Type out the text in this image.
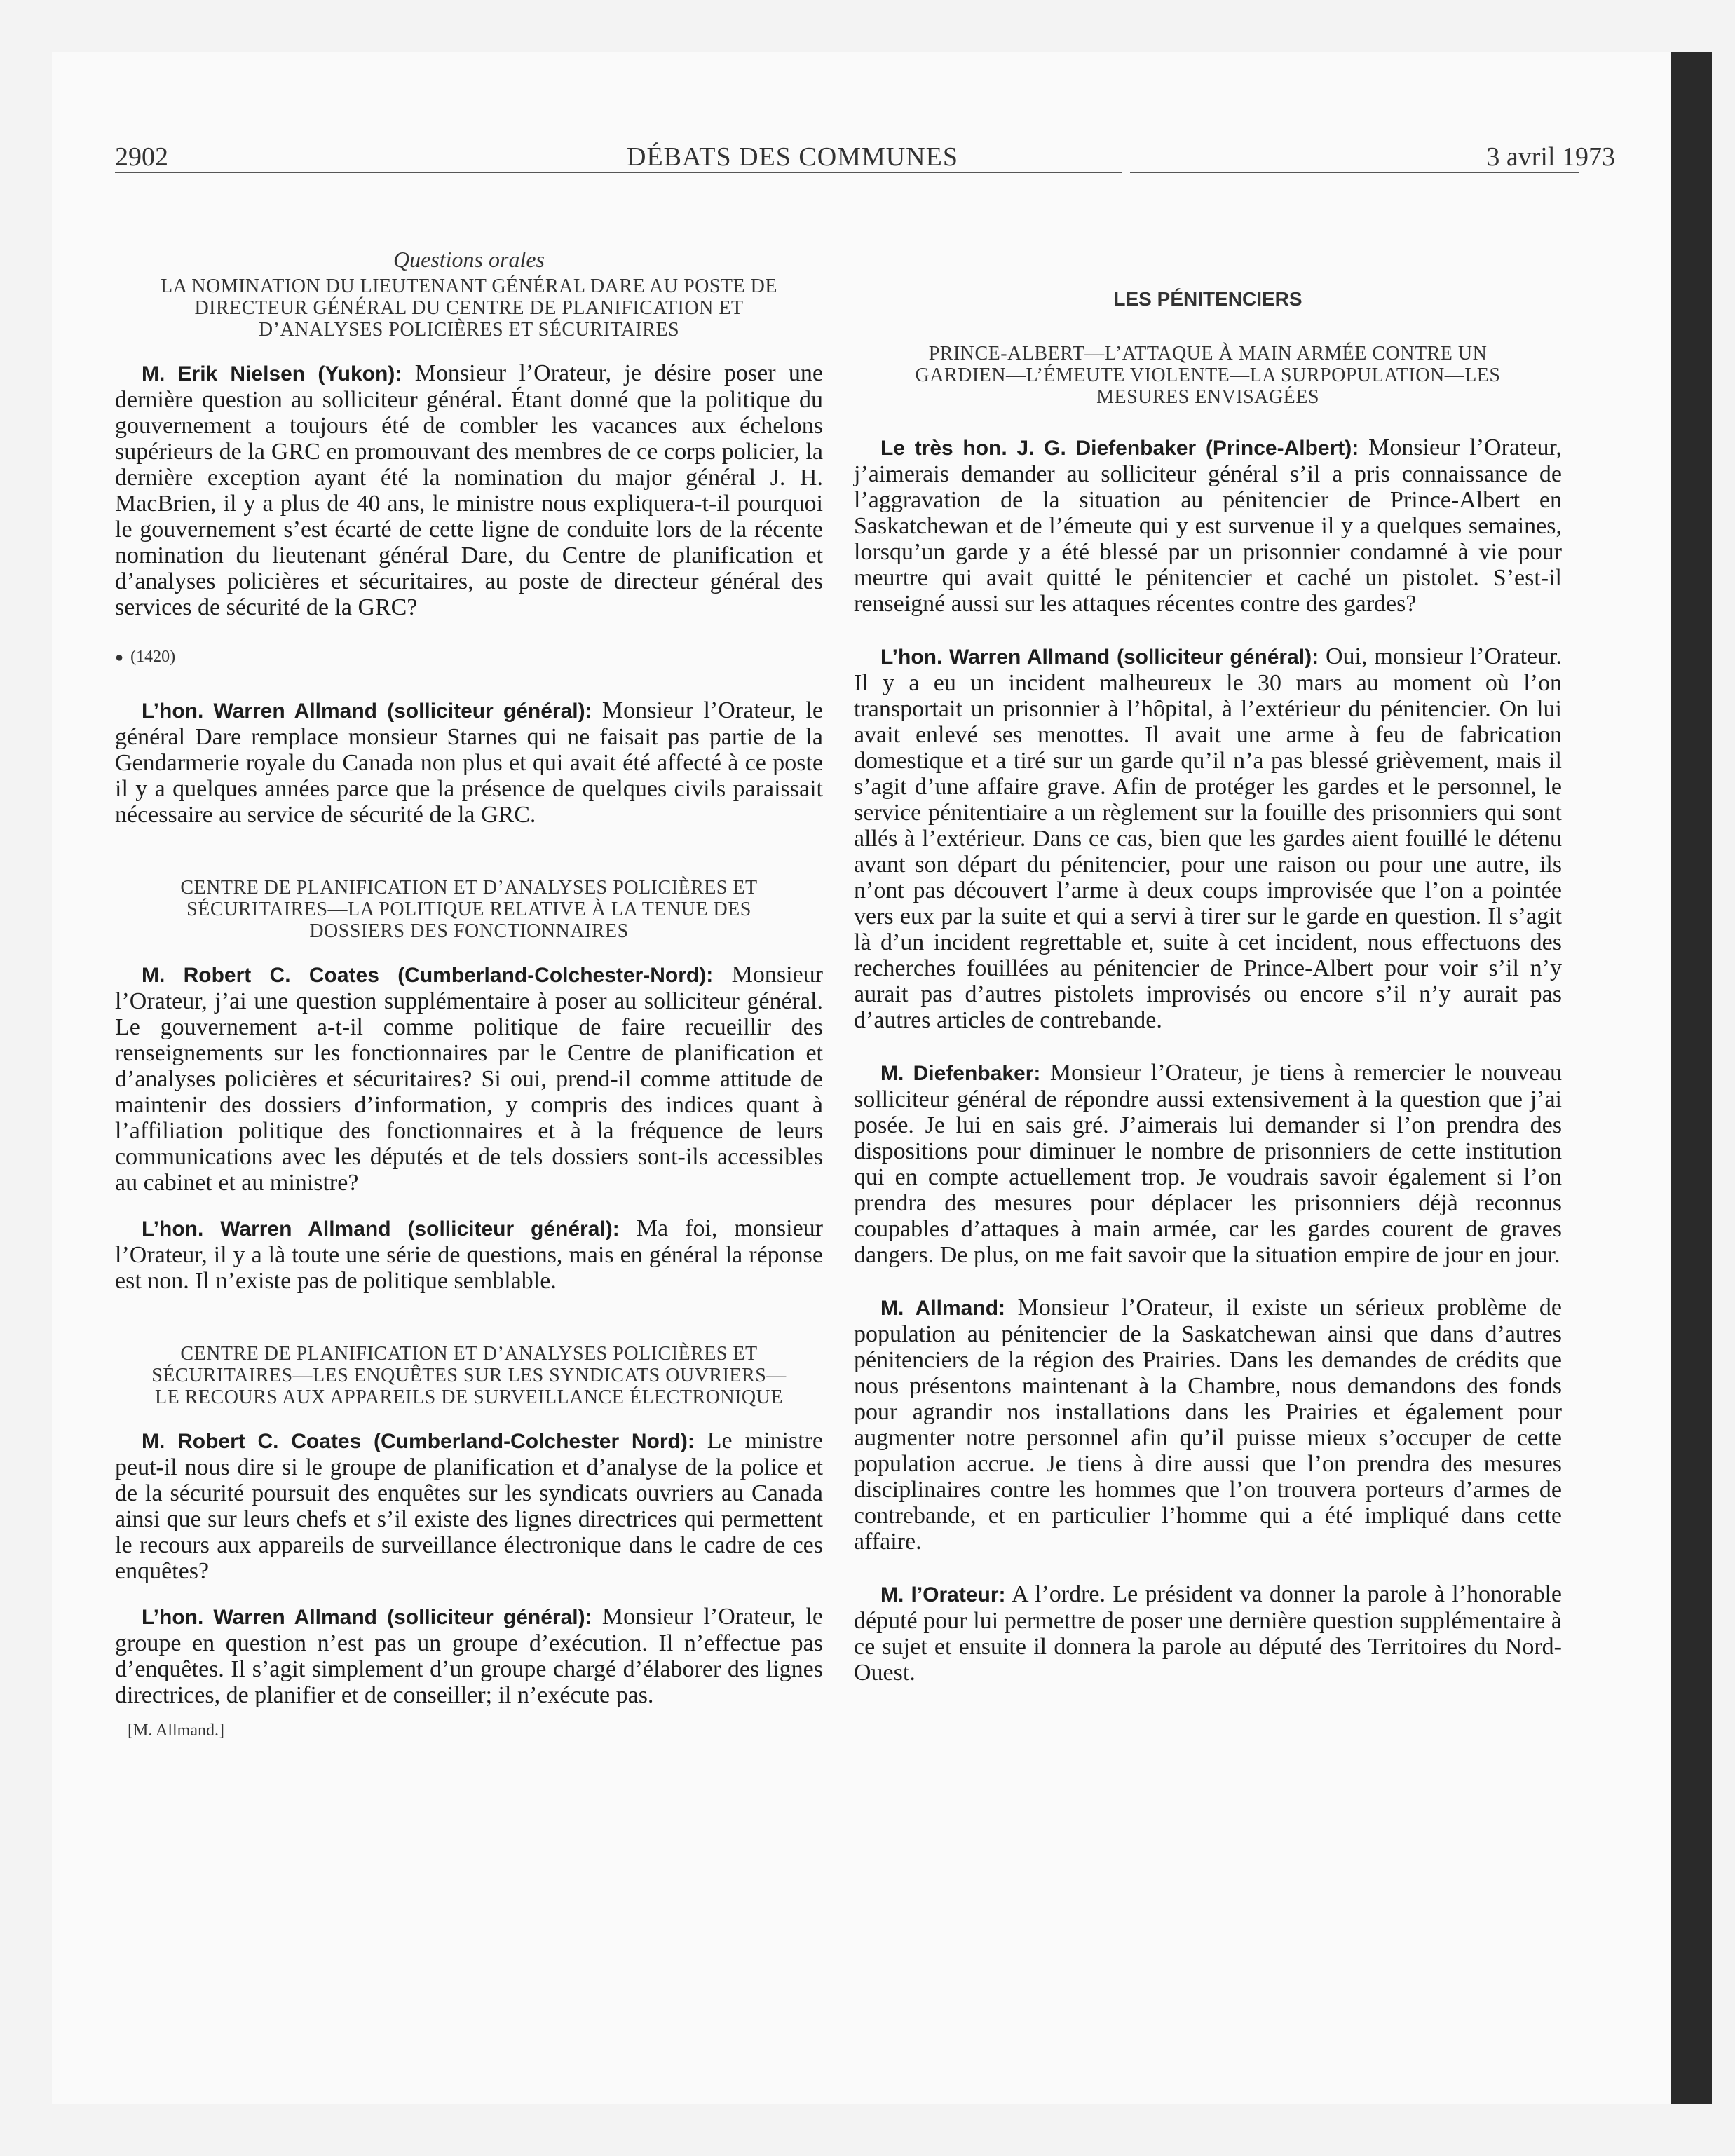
2902	DÉBATS DES COMMUNES	3 avril 1973

Questions orales

LA NOMINATION DU LIEUTENANT GÉNÉRAL DARE AU POSTE DE DIRECTEUR GÉNÉRAL DU CENTRE DE PLANIFICATION ET D’ANALYSES POLICIÈRES ET SÉCURITAIRES

M. Erik Nielsen (Yukon): Monsieur l’Orateur, je désire poser une dernière question au solliciteur général. Étant donné que la politique du gouvernement a toujours été de combler les vacances aux échelons supérieurs de la GRC en promouvant des membres de ce corps policier, la dernière exception ayant été la nomination du major général J. H. MacBrien, il y a plus de 40 ans, le ministre nous expliquera-t-il pourquoi le gouvernement s’est écarté de cette ligne de conduite lors de la récente nomination du lieutenant général Dare, du Centre de planification et d’analyses policières et sécuritaires, au poste de directeur général des services de sécurité de la GRC?

● (1420)

L’hon. Warren Allmand (solliciteur général): Monsieur l’Orateur, le général Dare remplace monsieur Starnes qui ne faisait pas partie de la Gendarmerie royale du Canada non plus et qui avait été affecté à ce poste il y a quelques années parce que la présence de quelques civils paraissait nécessaire au service de sécurité de la GRC.

CENTRE DE PLANIFICATION ET D’ANALYSES POLICIÈRES ET SÉCURITAIRES—LA POLITIQUE RELATIVE À LA TENUE DES DOSSIERS DES FONCTIONNAIRES

M. Robert C. Coates (Cumberland-Colchester-Nord): Monsieur l’Orateur, j’ai une question supplémentaire à poser au solliciteur général. Le gouvernement a-t-il comme politique de faire recueillir des renseignements sur les fonctionnaires par le Centre de planification et d’analyses policières et sécuritaires? Si oui, prend-il comme attitude de maintenir des dossiers d’information, y compris des indices quant à l’affiliation politique des fonctionnaires et à la fréquence de leurs communications avec les députés et de tels dossiers sont-ils accessibles au cabinet et au ministre?

L’hon. Warren Allmand (solliciteur général): Ma foi, monsieur l’Orateur, il y a là toute une série de questions, mais en général la réponse est non. Il n’existe pas de politique semblable.

CENTRE DE PLANIFICATION ET D’ANALYSES POLICIÈRES ET SÉCURITAIRES—LES ENQUÊTES SUR LES SYNDICATS OUVRIERS—LE RECOURS AUX APPAREILS DE SURVEILLANCE ÉLECTRONIQUE

M. Robert C. Coates (Cumberland-Colchester Nord): Le ministre peut-il nous dire si le groupe de planification et d’analyse de la police et de la sécurité poursuit des enquêtes sur les syndicats ouvriers au Canada ainsi que sur leurs chefs et s’il existe des lignes directrices qui permettent le recours aux appareils de surveillance électronique dans le cadre de ces enquêtes?

L’hon. Warren Allmand (solliciteur général): Monsieur l’Orateur, le groupe en question n’est pas un groupe d’exécution. Il n’effectue pas d’enquêtes. Il s’agit simplement d’un groupe chargé d’élaborer des lignes directrices, de planifier et de conseiller; il n’exécute pas.

[M. Allmand.]

LES PÉNITENCIERS

PRINCE-ALBERT—L’ATTAQUE À MAIN ARMÉE CONTRE UN GARDIEN—L’ÉMEUTE VIOLENTE—LA SURPOPULATION—LES MESURES ENVISAGÉES

Le très hon. J. G. Diefenbaker (Prince-Albert): Monsieur l’Orateur, j’aimerais demander au solliciteur général s’il a pris connaissance de l’aggravation de la situation au pénitencier de Prince-Albert en Saskatchewan et de l’émeute qui y est survenue il y a quelques semaines, lorsqu’un garde y a été blessé par un prisonnier condamné à vie pour meurtre qui avait quitté le pénitencier et caché un pistolet. S’est-il renseigné aussi sur les attaques récentes contre des gardes?

L’hon. Warren Allmand (solliciteur général): Oui, monsieur l’Orateur. Il y a eu un incident malheureux le 30 mars au moment où l’on transportait un prisonnier à l’hôpital, à l’extérieur du pénitencier. On lui avait enlevé ses menottes. Il avait une arme à feu de fabrication domestique et a tiré sur un garde qu’il n’a pas blessé grièvement, mais il s’agit d’une affaire grave. Afin de protéger les gardes et le personnel, le service pénitentiaire a un règlement sur la fouille des prisonniers qui sont allés à l’extérieur. Dans ce cas, bien que les gardes aient fouillé le détenu avant son départ du pénitencier, pour une raison ou pour une autre, ils n’ont pas découvert l’arme à deux coups improvisée que l’on a pointée vers eux par la suite et qui a servi à tirer sur le garde en question. Il s’agit là d’un incident regrettable et, suite à cet incident, nous effectuons des recherches fouillées au pénitencier de Prince-Albert pour voir s’il n’y aurait pas d’autres pistolets improvisés ou encore s’il n’y aurait pas d’autres articles de contrebande.

M. Diefenbaker: Monsieur l’Orateur, je tiens à remercier le nouveau solliciteur général de répondre aussi extensivement à la question que j’ai posée. Je lui en sais gré. J’aimerais lui demander si l’on prendra des dispositions pour diminuer le nombre de prisonniers de cette institution qui en compte actuellement trop. Je voudrais savoir également si l’on prendra des mesures pour déplacer les prisonniers déjà reconnus coupables d’attaques à main armée, car les gardes courent de graves dangers. De plus, on me fait savoir que la situation empire de jour en jour.

M. Allmand: Monsieur l’Orateur, il existe un sérieux problème de population au pénitencier de la Saskatchewan ainsi que dans d’autres pénitenciers de la région des Prairies. Dans les demandes de crédits que nous présentons maintenant à la Chambre, nous demandons des fonds pour agrandir nos installations dans les Prairies et également pour augmenter notre personnel afin qu’il puisse mieux s’occuper de cette population accrue. Je tiens à dire aussi que l’on prendra des mesures disciplinaires contre les hommes que l’on trouvera porteurs d’armes de contrebande, et en particulier l’homme qui a été impliqué dans cette affaire.

M. l’Orateur: A l’ordre. Le président va donner la parole à l’honorable député pour lui permettre de poser une dernière question supplémentaire à ce sujet et ensuite il donnera la parole au député des Territoires du Nord-Ouest.
